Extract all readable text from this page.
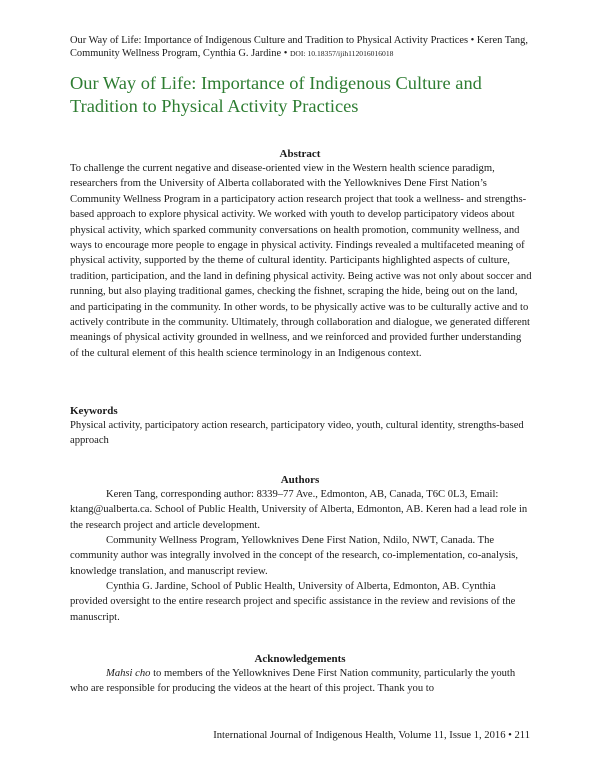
Our Way of Life: Importance of Indigenous Culture and Tradition to Physical Activity Practices • Keren Tang, Community Wellness Program, Cynthia G. Jardine • DOI: 10.18357/ijih112016016018
Our Way of Life: Importance of Indigenous Culture and Tradition to Physical Activity Practices
Abstract

To challenge the current negative and disease-oriented view in the Western health science paradigm, researchers from the University of Alberta collaborated with the Yellowknives Dene First Nation’s Community Wellness Program in a participatory action research project that took a wellness- and strengths-based approach to explore physical activity. We worked with youth to develop participatory videos about physical activity, which sparked community conversations on health promotion, community wellness, and ways to encourage more people to engage in physical activity. Findings revealed a multifaceted meaning of physical activity, supported by the theme of cultural identity. Participants highlighted aspects of culture, tradition, participation, and the land in defining physical activity. Being active was not only about soccer and running, but also playing traditional games, checking the fishnet, scraping the hide, being out on the land, and participating in the community. In other words, to be physically active was to be culturally active and to actively contribute in the community. Ultimately, through collaboration and dialogue, we generated different meanings of physical activity grounded in wellness, and we reinforced and provided further understanding of the cultural element of this health science terminology in an Indigenous context.

Keywords

Physical activity, participatory action research, participatory video, youth, cultural identity, strengths-based approach

Authors

Keren Tang, corresponding author: 8339–77 Ave., Edmonton, AB, Canada, T6C 0L3, Email: ktang@ualberta.ca. School of Public Health, University of Alberta, Edmonton, AB. Keren had a lead role in the research project and article development.

Community Wellness Program, Yellowknives Dene First Nation, Ndilo, NWT, Canada. The community author was integrally involved in the concept of the research, co-implementation, co-analysis, knowledge translation, and manuscript review.

Cynthia G. Jardine, School of Public Health, University of Alberta, Edmonton, AB. Cynthia provided oversight to the entire research project and specific assistance in the review and revisions of the manuscript.

Acknowledgements

Mahsi cho to members of the Yellowknives Dene First Nation community, particularly the youth who are responsible for producing the videos at the heart of this project. Thank you to

International Journal of Indigenous Health, Volume 11, Issue 1, 2016 • 211
